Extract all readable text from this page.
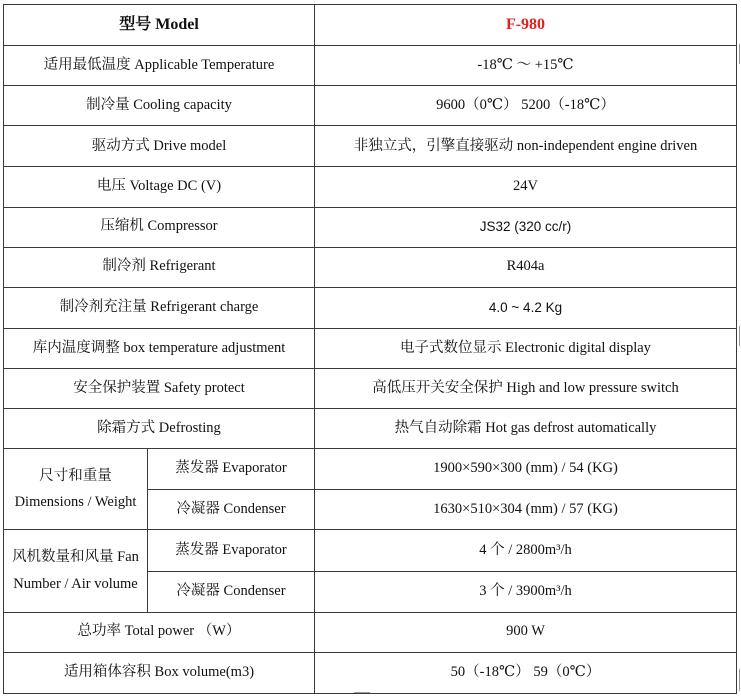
型号 Model		F-980
适用最低温度 Applicable Temperature		-18℃ ～ +15℃
制冷量 Cooling capacity		9600（0℃） 5200（-18℃）
驱动方式 Drive model		非独立式，引擎直接驱动 non-independent engine driven
电压 Voltage DC (V)		24V
压缩机 Compressor		JS32 (320 cc/r)
制冷剂 Refrigerant		R404a
制冷剂充注量 Refrigerant charge		4.0 ~ 4.2 Kg
库内温度调整 box temperature adjustment		电子式数位显示 Electronic digital display
安全保护装置 Safety protect		高低压开关安全保护 High and low pressure switch
除霜方式 Defrosting		热气自动除霜 Hot gas defrost automatically
尺寸和重量 Dimensions / Weight	蒸发器 Evaporator	1900×590×300 (mm) / 54 (KG)
	冷凝器 Condenser	1630×510×304 (mm) / 57 (KG)
风机数量和风量 Fan Number / Air volume	蒸发器 Evaporator	4 个 / 2800m³/h
	冷凝器 Condenser	3 个 / 3900m³/h
总功率 Total power （W）		900 W
适用箱体容积 Box volume(m3)		50（-18℃） 59（0℃）
